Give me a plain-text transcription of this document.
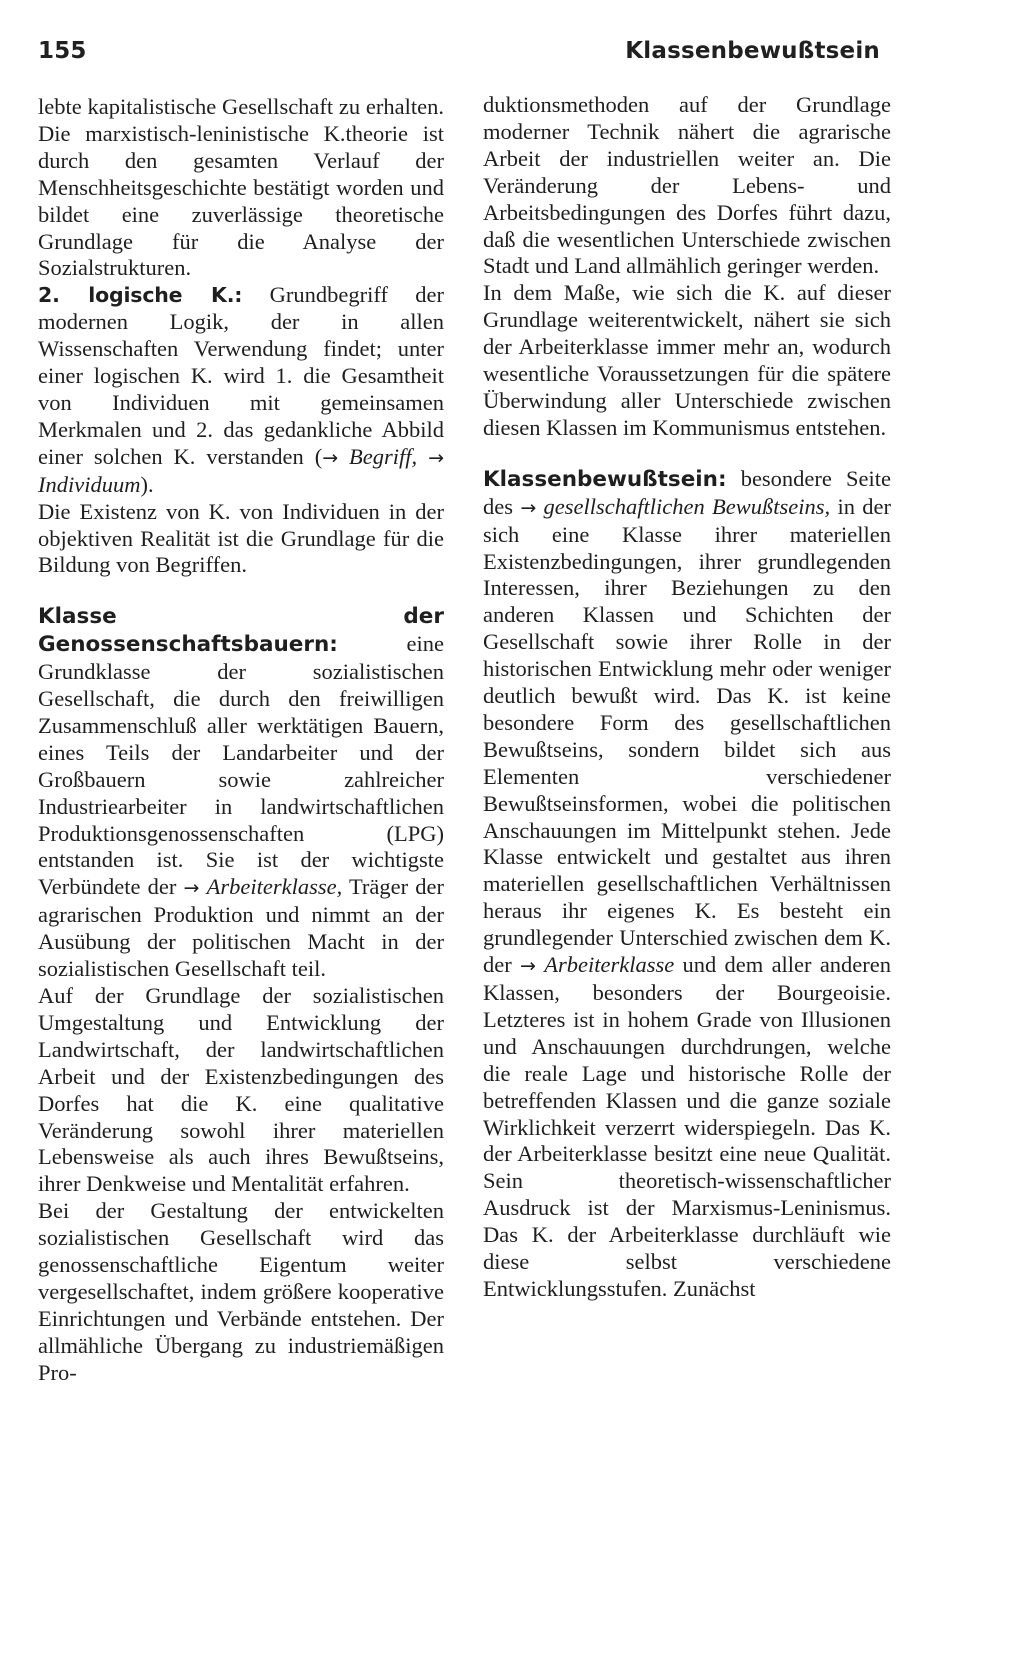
155	Klassenbewußtsein

lebte kapitalistische Gesellschaft zu erhalten. Die marxistisch-leninistische K.theorie ist durch den gesamten Verlauf der Menschheitsgeschichte bestätigt worden und bildet eine zuverlässige theoretische Grundlage für die Analyse der Sozialstrukturen.

2. logische K.: Grundbegriff der modernen Logik, der in allen Wissenschaften Verwendung findet; unter einer logischen K. wird 1. die Gesamtheit von Individuen mit gemeinsamen Merkmalen und 2. das gedankliche Abbild einer solchen K. verstanden (→ Begriff, → Individuum).

Die Existenz von K. von Individuen in der objektiven Realität ist die Grundlage für die Bildung von Begriffen.

Klasse der Genossenschaftsbauern:	eine Grundklasse der sozialistischen Gesellschaft, die durch den freiwilligen Zusammenschluß aller werktätigen Bauern, eines Teils der Landarbeiter und der Großbauern sowie zahlreicher Industriearbeiter in landwirtschaftlichen Produktionsgenossenschaften (LPG) entstanden ist. Sie ist der wichtigste Verbündete der → Arbeiterklasse, Träger der agrarischen Produktion und nimmt an der Ausübung der politischen Macht in der sozialistischen Gesellschaft teil.

Auf der Grundlage der sozialistischen Umgestaltung und Entwicklung der Landwirtschaft, der landwirtschaftlichen Arbeit und der Existenzbedingungen des Dorfes hat die K. eine qualitative Veränderung sowohl ihrer materiellen Lebensweise als auch ihres Bewußtseins, ihrer Denkweise und Mentalität erfahren.

Bei der Gestaltung der entwickelten sozialistischen Gesellschaft wird das genossenschaftliche Eigentum weiter vergesellschaftet, indem größere kooperative Einrichtungen und Verbände entstehen. Der allmähliche Übergang zu industriemäßigen Pro-

duktionsmethoden auf der Grundlage moderner Technik nähert die agrarische Arbeit der industriellen weiter an. Die Veränderung der Lebens- und Arbeitsbedingungen des Dorfes führt dazu, daß die wesentlichen Unterschiede zwischen Stadt und Land allmählich geringer werden.

In dem Maße, wie sich die K. auf dieser Grundlage weiterentwickelt, nähert sie sich der Arbeiterklasse immer mehr an, wodurch wesentliche Voraussetzungen für die spätere Überwindung aller Unterschiede zwischen diesen Klassen im Kommunismus entstehen.

Klassenbewußtsein: besondere Seite des → gesellschaftlichen Bewußtseins, in der sich eine Klasse ihrer materiellen Existenzbedingungen, ihrer grundlegenden Interessen, ihrer Beziehungen zu den anderen Klassen und Schichten der Gesellschaft sowie ihrer Rolle in der historischen Entwicklung mehr oder weniger deutlich bewußt wird. Das K. ist keine besondere Form des gesellschaftlichen Bewußtseins, sondern bildet sich aus Elementen verschiedener Bewußtseinsformen, wobei die politischen Anschauungen im Mittelpunkt stehen. Jede Klasse entwickelt und gestaltet aus ihren materiellen gesellschaftlichen Verhältnissen heraus ihr eigenes K. Es besteht ein grundlegender Unterschied zwischen dem K. der → Arbeiterklasse und dem aller anderen Klassen, besonders der Bourgeoisie. Letzteres ist in hohem Grade von Illusionen und Anschauungen durchdrungen, welche die reale Lage und historische Rolle der betreffenden Klassen und die ganze soziale Wirklichkeit verzerrt widerspiegeln. Das K. der Arbeiterklasse besitzt eine neue Qualität. Sein theoretisch-wissenschaftlicher Ausdruck ist der Marxismus-Leninismus. Das K. der Arbeiterklasse durchläuft wie diese selbst verschiedene Entwicklungsstufen. Zunächst
